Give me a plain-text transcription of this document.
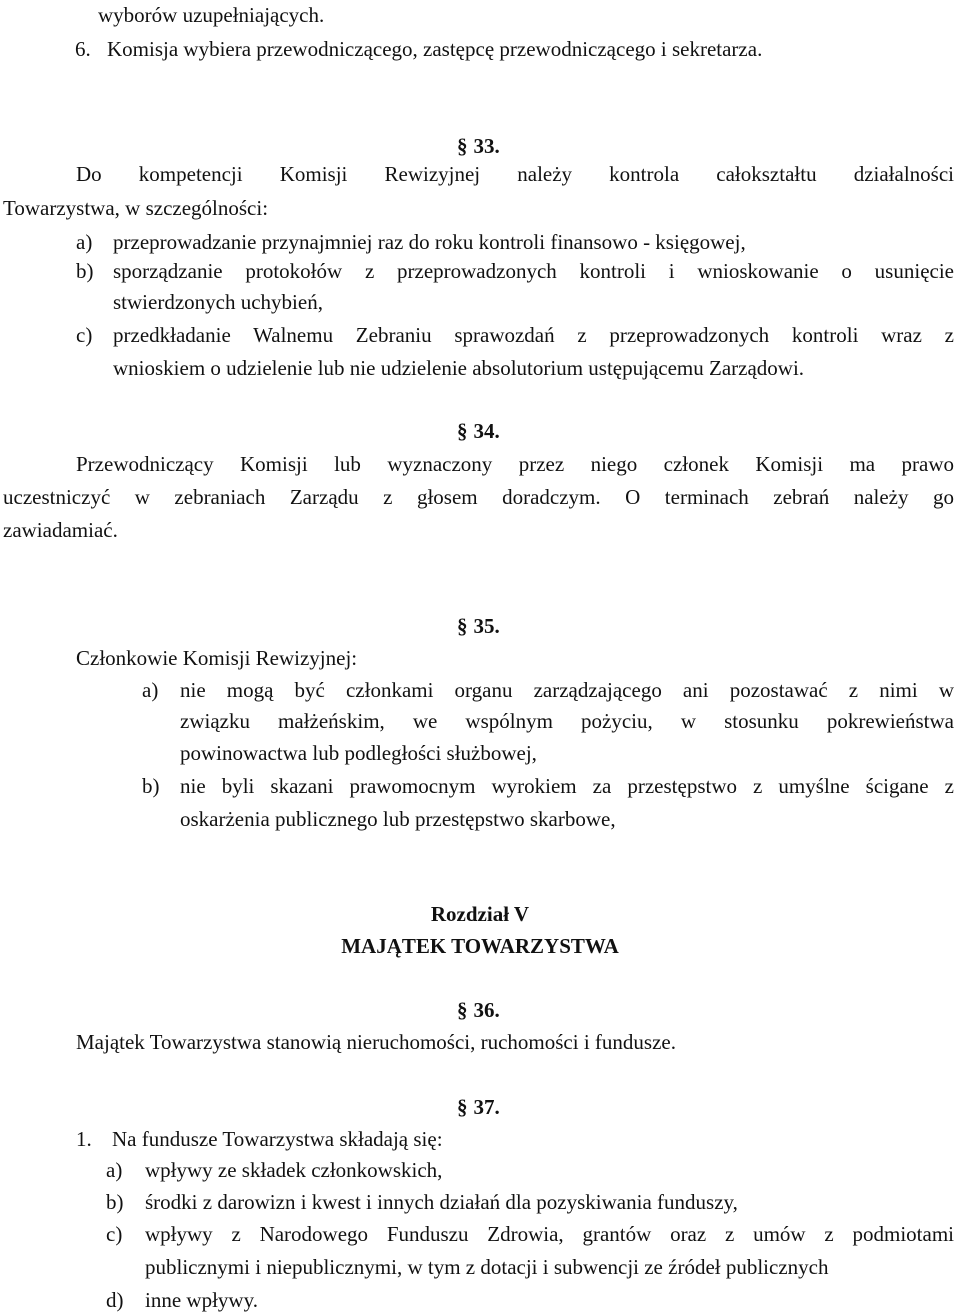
wyborów uzupełniających.
6. Komisja wybiera przewodniczącego, zastępcę przewodniczącego i sekretarza.
§ 33.
Do kompetencji Komisji Rewizyjnej należy kontrola całokształtu działalności
Towarzystwa, w szczególności:
a) przeprowadzanie przynajmniej raz do roku kontroli finansowo - księgowej,
b) sporządzanie protokołów z przeprowadzonych kontroli i wnioskowanie o usunięcie
stwierdzonych uchybień,
c) przedkładanie Walnemu Zebraniu sprawozdań z przeprowadzonych kontroli wraz z
wnioskiem o udzielenie lub nie udzielenie absolutorium ustępującemu Zarządowi.
§ 34.
Przewodniczący Komisji lub wyznaczony przez niego członek Komisji ma prawo
uczestniczyć w zebraniach Zarządu z głosem doradczym. O terminach zebrań należy go
zawiadamiać.
§ 35.
Członkowie Komisji Rewizyjnej:
a) nie mogą być członkami organu zarządzającego ani pozostawać z nimi w
związku małżeńskim, we wspólnym pożyciu, w stosunku pokrewieństwa
powinowactwa lub podległości służbowej,
b) nie byli skazani prawomocnym wyrokiem za przestępstwo z umyślne ścigane z
oskarżenia publicznego lub przestępstwo skarbowe,
Rozdział V
MAJĄTEK TOWARZYSTWA
§ 36.
Majątek Towarzystwa stanowią nieruchomości, ruchomości i fundusze.
§ 37.
1. Na fundusze Towarzystwa składają się:
a) wpływy ze składek członkowskich,
b) środki z darowizn i kwest i innych działań dla pozyskiwania funduszy,
c) wpływy z Narodowego Funduszu Zdrowia, grantów oraz z umów z podmiotami
publicznymi i niepublicznymi, w tym z dotacji i subwencji ze źródeł publicznych
d) inne wpływy.
